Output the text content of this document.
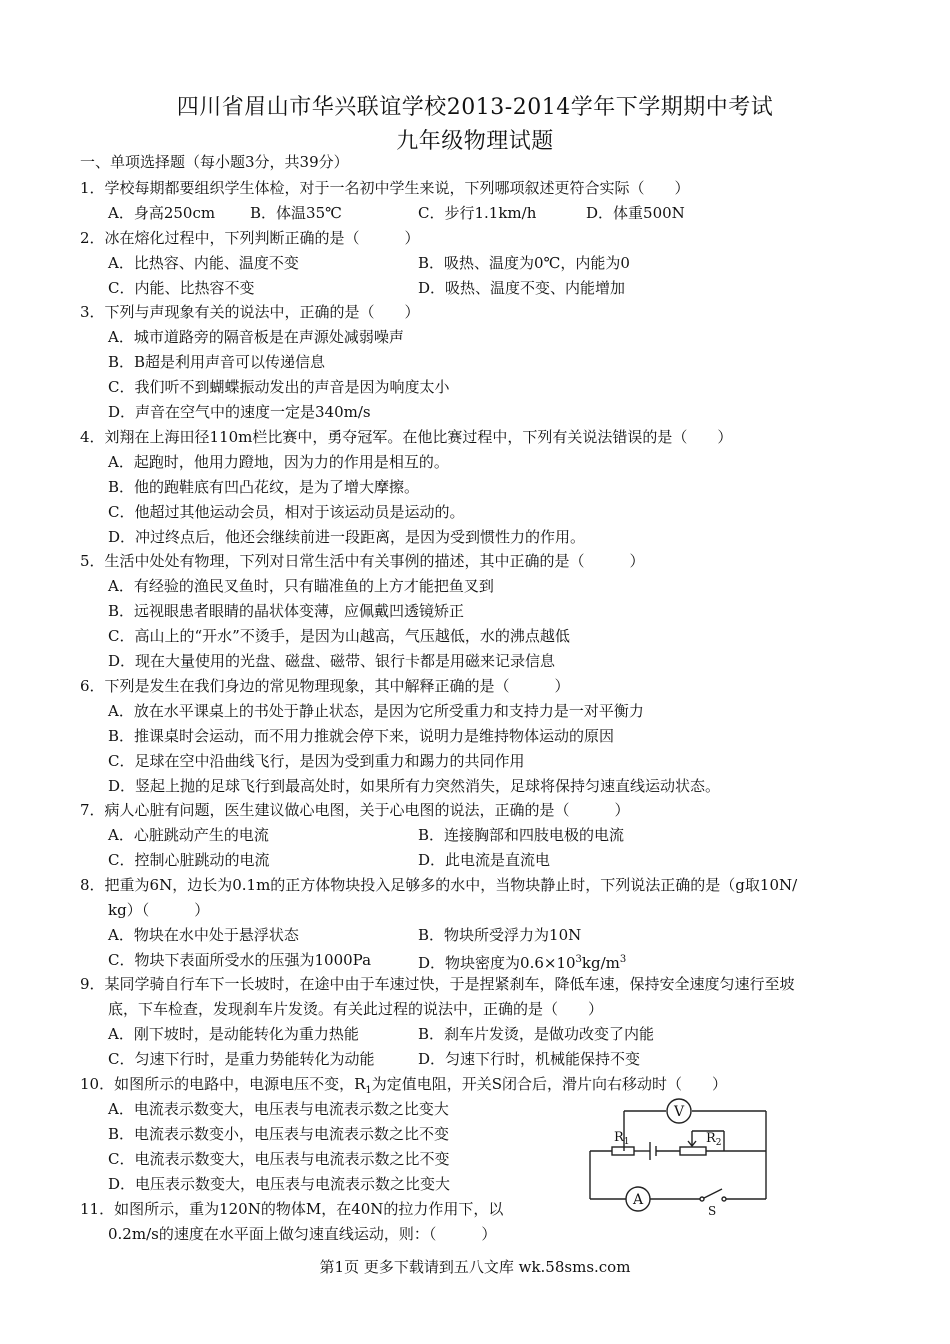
四川省眉山市华兴联谊学校2013-2014学年下学期期中考试
九年级物理试题
一、单项选择题（每小题3分，共39分）
1．学校每期都要组织学生体检，对于一名初中学生来说，下列哪项叙述更符合实际（　　）
A．身高250cm B．体温35℃	C．步行1.1km/h	D．体重500N
2．冰在熔化过程中，下列判断正确的是（　　　）
A．比热容、内能、温度不变	B．吸热、温度为0℃，内能为0
C．内能、比热容不变	D．吸热、温度不变、内能增加
3．下列与声现象有关的说法中，正确的是（　　）
A．城市道路旁的隔音板是在声源处减弱噪声
B．B超是利用声音可以传递信息
C．我们听不到蝴蝶振动发出的声音是因为响度太小
D．声音在空气中的速度一定是340m/s
4．刘翔在上海田径110m栏比赛中，勇夺冠军。在他比赛过程中，下列有关说法错误的是（　　）
A．起跑时，他用力蹬地，因为力的作用是相互的。
B．他的跑鞋底有凹凸花纹，是为了增大摩擦。
C．他超过其他运动会员，相对于该运动员是运动的。
D．冲过终点后，他还会继续前进一段距离，是因为受到惯性力的作用。
5．生活中处处有物理，下列对日常生活中有关事例的描述，其中正确的是（　　　）
A．有经验的渔民叉鱼时，只有瞄准鱼的上方才能把鱼叉到
B．远视眼患者眼睛的晶状体变薄，应佩戴凹透镜矫正
C．高山上的“开水”不烫手，是因为山越高，气压越低，水的沸点越低
D．现在大量使用的光盘、磁盘、磁带、银行卡都是用磁来记录信息
6．下列是发生在我们身边的常见物理现象，其中解释正确的是（　　　）
A．放在水平课桌上的书处于静止状态，是因为它所受重力和支持力是一对平衡力
B．推课桌时会运动，而不用力推就会停下来，说明力是维持物体运动的原因
C．足球在空中沿曲线飞行，是因为受到重力和踢力的共同作用
D．竖起上抛的足球飞行到最高处时，如果所有力突然消失，足球将保持匀速直线运动状态。
7．病人心脏有问题，医生建议做心电图，关于心电图的说法，正确的是（　　　）
A．心脏跳动产生的电流	B．连接胸部和四肢电极的电流
C．控制心脏跳动的电流	D．此电流是直流电
8．把重为6N，边长为0.1m的正方体物块投入足够多的水中，当物块静止时，下列说法正确的是（g取10N/
kg）（　　　）
A．物块在水中处于悬浮状态	B．物块所受浮力为10N
C．物块下表面所受水的压强为1000Pa	D．物块密度为$0.6\times 10^3kg/m^3$
9．某同学骑自行车下一长坡时，在途中由于车速过快，于是捏紧刹车，降低车速，保持安全速度匀速行至坡
底，下车检查，发现刹车片发烫。有关此过程的说法中，正确的是（　　）
A．刚下坡时，是动能转化为重力热能	B．刹车片发烫，是做功改变了内能
C．匀速下行时，是重力势能转化为动能	D．匀速下行时，机械能保持不变
10．如图所示的电路中，电源电压不变，$R_1$为定值电阻，开关S闭合后，滑片向右移动时（　　）
A．电流表示数变大，电压表与电流表示数之比变大
B．电流表示数变小，电压表与电流表示数之比不变
C．电流表示数变大，电压表与电流表示数之比不变
D．电压表示数变大，电压表与电流表示数之比变大
V
A
$R_1$	$R_2$
S
11．如图所示，重为120N的物体M，在40N的拉力作用下，以
0.2m/s的速度在水平面上做匀速直线运动，则：（　　　）
第1页 更多下载请到五八文库 wk.58sms.com
